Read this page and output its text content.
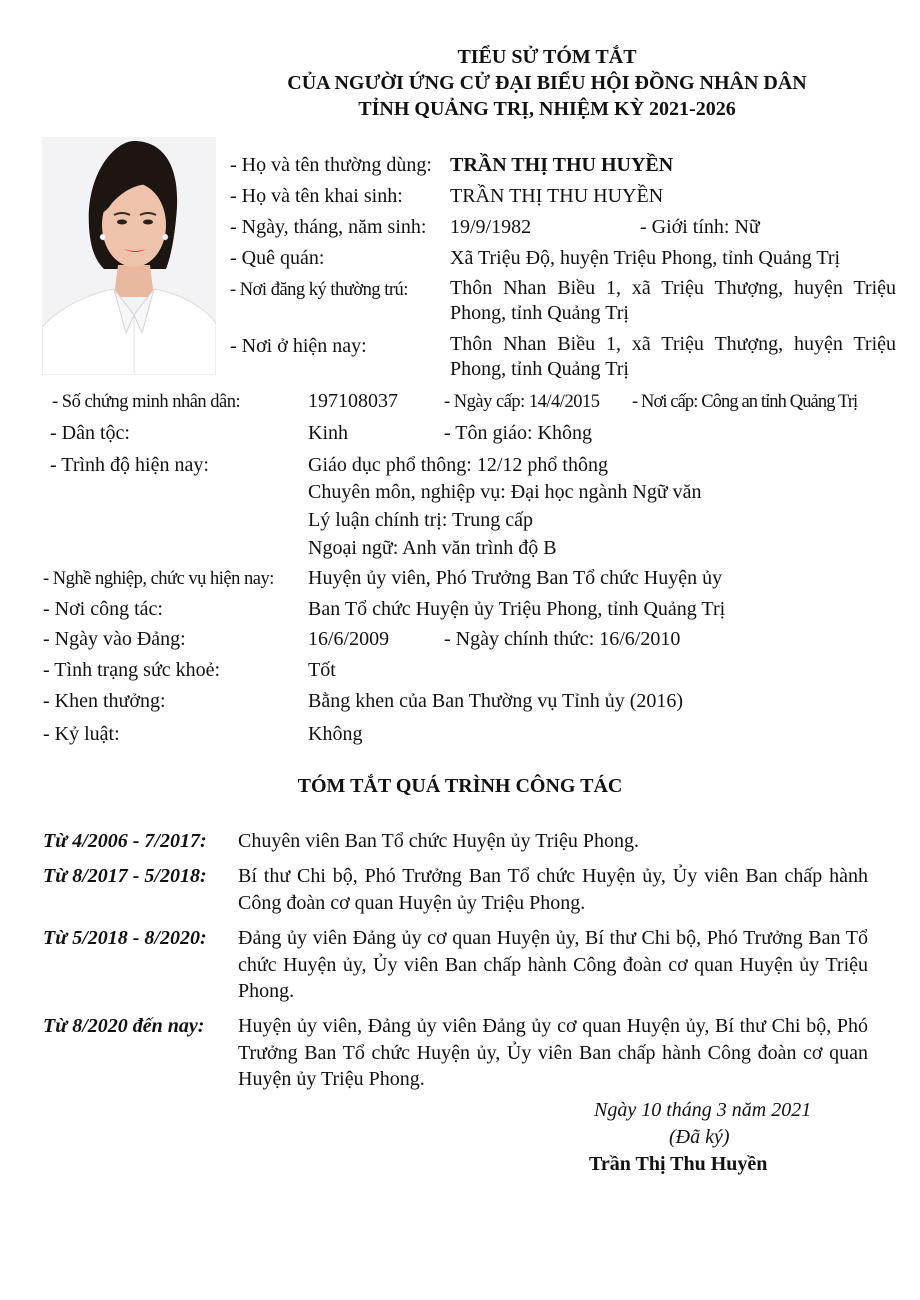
TIỂU SỬ TÓM TẮT
CỦA NGƯỜI ỨNG CỬ ĐẠI BIỂU HỘI ĐỒNG NHÂN DÂN
TỈNH QUẢNG TRỊ, NHIỆM KỲ 2021-2026
- Họ và tên thường dùng: TRẦN THỊ THU HUYỀN
- Họ và tên khai sinh: TRẦN THỊ THU HUYỀN
- Ngày, tháng, năm sinh: 19/9/1982	- Giới tính: Nữ
- Quê quán:	Xã Triệu Độ, huyện Triệu Phong, tỉnh Quảng Trị
- Nơi đăng ký thường trú: Thôn Nhan Biều 1, xã Triệu Thượng, huyện Triệu Phong, tỉnh Quảng Trị
- Nơi ở hiện nay:	Thôn Nhan Biều 1, xã Triệu Thượng, huyện Triệu Phong, tỉnh Quảng Trị
- Số chứng minh nhân dân:	197108037 - Ngày cấp: 14/4/2015 - Nơi cấp: Công an tỉnh Quảng Trị
- Dân tộc:	Kinh	- Tôn giáo: Không
- Trình độ hiện nay:	Giáo dục phổ thông: 12/12 phổ thông
Chuyên môn, nghiệp vụ: Đại học ngành Ngữ văn
Lý luận chính trị: Trung cấp
Ngoại ngữ: Anh văn trình độ B
- Nghề nghiệp, chức vụ hiện nay: Huyện ủy viên, Phó Trưởng Ban Tổ chức Huyện ủy
- Nơi công tác:	Ban Tổ chức Huyện ủy Triệu Phong, tỉnh Quảng Trị
- Ngày vào Đảng:	16/6/2009	- Ngày chính thức: 16/6/2010
- Tình trạng sức khoẻ:	Tốt
- Khen thưởng:	Bằng khen của Ban Thường vụ Tỉnh ủy (2016)
- Kỷ luật:	Không
TÓM TẮT QUÁ TRÌNH CÔNG TÁC
Từ 4/2006 - 7/2017: Chuyên viên Ban Tổ chức Huyện ủy Triệu Phong.
Từ 8/2017 - 5/2018: Bí thư Chi bộ, Phó Trưởng Ban Tổ chức Huyện ủy, Ủy viên Ban chấp hành Công đoàn cơ quan Huyện ủy Triệu Phong.
Từ 5/2018 - 8/2020: Đảng ủy viên Đảng ủy cơ quan Huyện ủy, Bí thư Chi bộ, Phó Trưởng Ban Tổ chức Huyện ủy, Ủy viên Ban chấp hành Công đoàn cơ quan Huyện ủy Triệu Phong.
Từ 8/2020 đến nay: Huyện ủy viên, Đảng ủy viên Đảng ủy cơ quan Huyện ủy, Bí thư Chi bộ, Phó Trưởng Ban Tổ chức Huyện ủy, Ủy viên Ban chấp hành Công đoàn cơ quan Huyện ủy Triệu Phong.
Ngày 10 tháng 3 năm 2021
(Đã ký)
Trần Thị Thu Huyền
